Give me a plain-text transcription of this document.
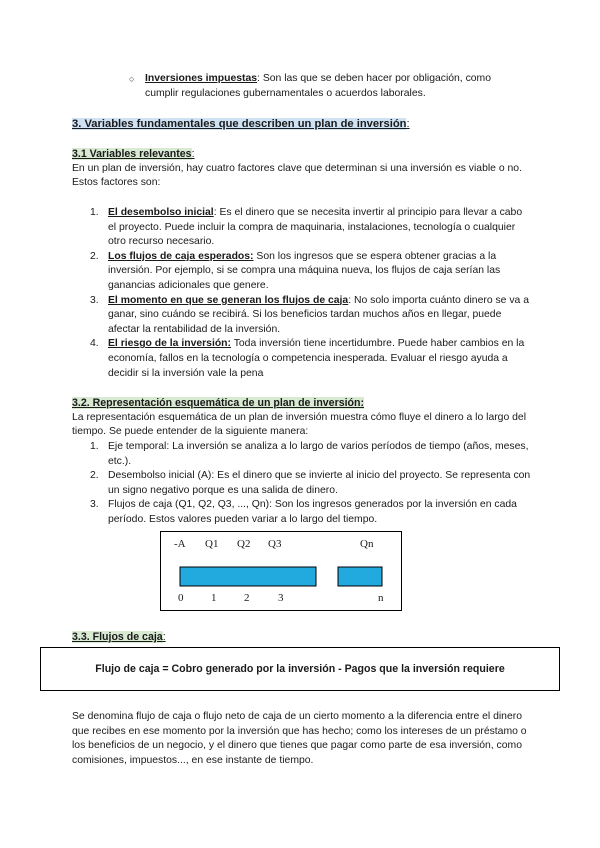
○ Inversiones impuestas: Son las que se deben hacer por obligación, como cumplir regulaciones gubernamentales o acuerdos laborales.
3. Variables fundamentales que describen un plan de inversión:
3.1 Variables relevantes:

En un plan de inversión, hay cuatro factores clave que determinan si una inversión es viable o no. Estos factores son:

1. El desembolso inicial: Es el dinero que se necesita invertir al principio para llevar a cabo el proyecto. Puede incluir la compra de maquinaria, instalaciones, tecnología o cualquier otro recurso necesario.
2. Los flujos de caja esperados: Son los ingresos que se espera obtener gracias a la inversión. Por ejemplo, si se compra una máquina nueva, los flujos de caja serían las ganancias adicionales que genere.
3. El momento en que se generan los flujos de caja: No solo importa cuánto dinero se va a ganar, sino cuándo se recibirá. Si los beneficios tardan muchos años en llegar, puede afectar la rentabilidad de la inversión.
4. El riesgo de la inversión: Toda inversión tiene incertidumbre. Puede haber cambios en la economía, fallos en la tecnología o competencia inesperada. Evaluar el riesgo ayuda a decidir si la inversión vale la pena
3.2. Representación esquemática de un plan de inversión:

La representación esquemática de un plan de inversión muestra cómo fluye el dinero a lo largo del tiempo. Se puede entender de la siguiente manera:

1. Eje temporal: La inversión se analiza a lo largo de varios períodos de tiempo (años, meses, etc.).
2. Desembolso inicial (A): Es el dinero que se invierte al inicio del proyecto. Se representa con un signo negativo porque es una salida de dinero.
3. Flujos de caja (Q1, Q2, Q3, ..., Qn): Son los ingresos generados por la inversión en cada período. Estos valores pueden variar a lo largo del tiempo.
-A Q1 Q2 Q3	Qn
0	1	2	3	n
3.3. Flujos de caja:
Flujo de caja = Cobro generado por la inversión - Pagos que la inversión requiere

Se denomina flujo de caja o flujo neto de caja de un cierto momento a la diferencia entre el dinero que recibes en ese momento por la inversión que has hecho; como los intereses de un préstamo o los beneficios de un negocio, y el dinero que tienes que pagar como parte de esa inversión, como comisiones, impuestos..., en ese instante de tiempo.
